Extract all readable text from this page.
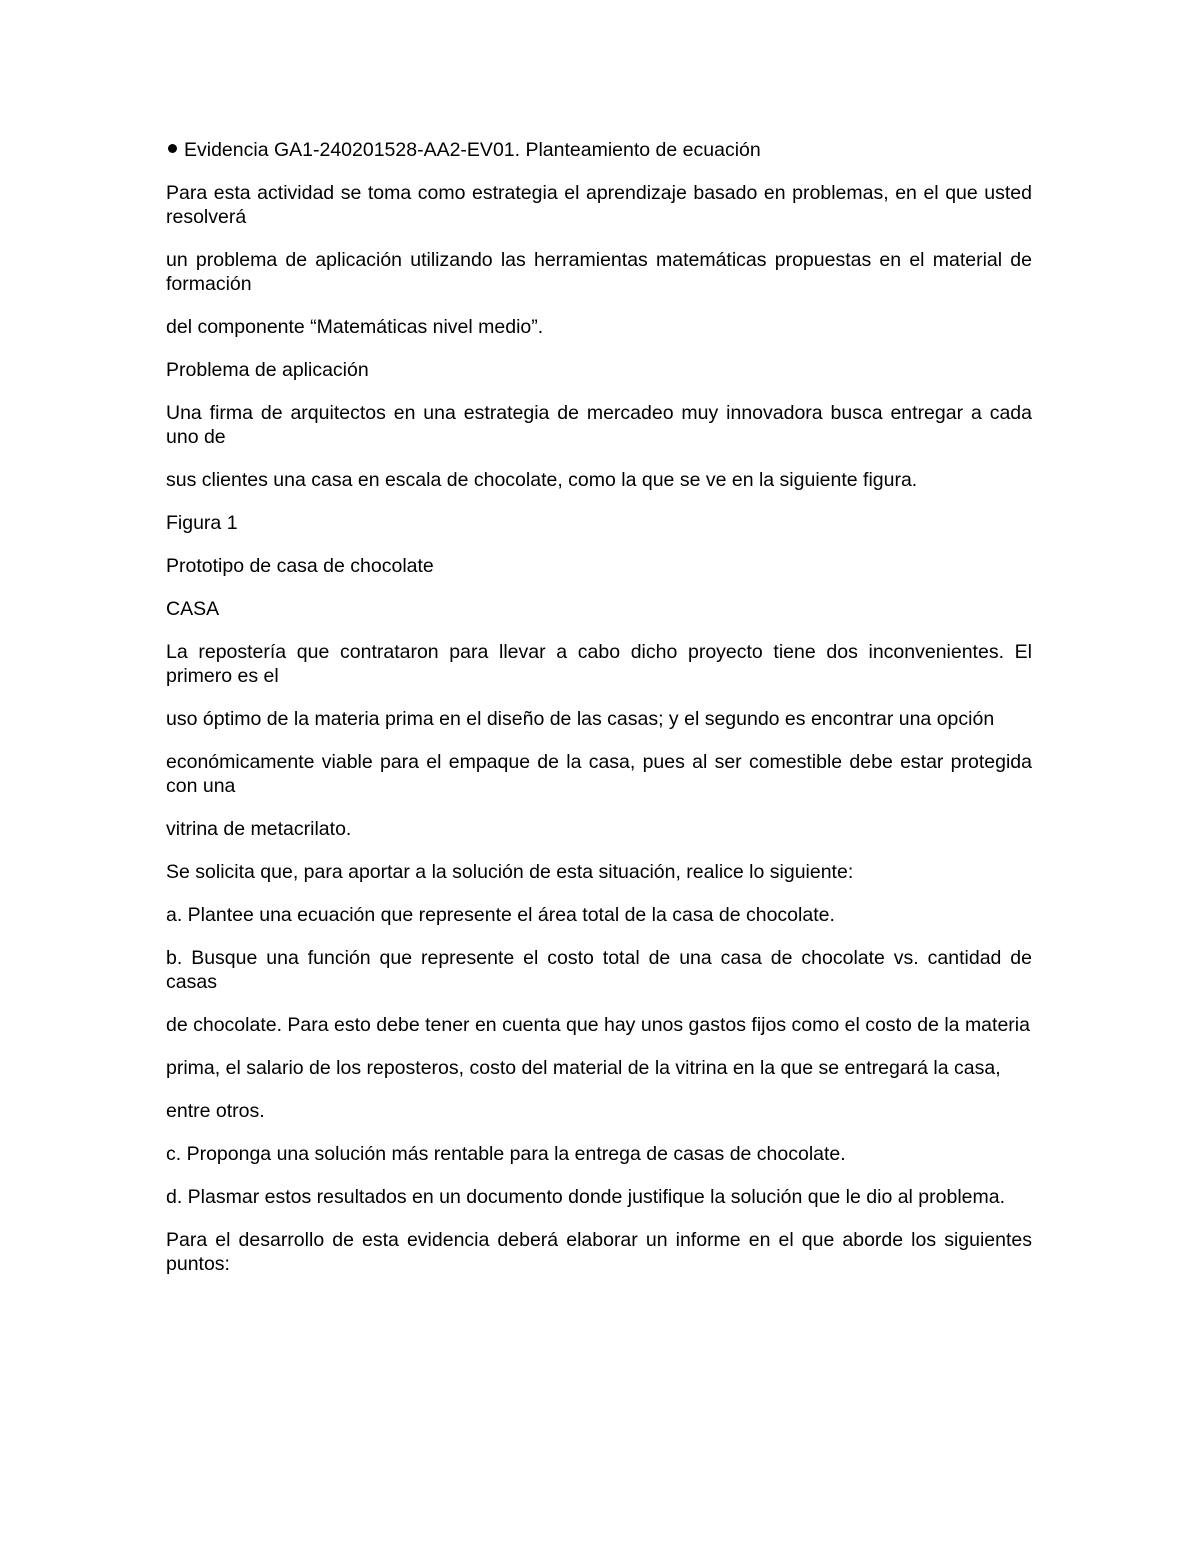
Evidencia GA1-240201528-AA2-EV01. Planteamiento de ecuación

Para esta actividad se toma como estrategia el aprendizaje basado en problemas, en el que usted resolverá

un problema de aplicación utilizando las herramientas matemáticas propuestas en el material de formación

del componente “Matemáticas nivel medio”.

Problema de aplicación

Una firma de arquitectos en una estrategia de mercadeo muy innovadora busca entregar a cada uno de

sus clientes una casa en escala de chocolate, como la que se ve en la siguiente figura.

Figura 1

Prototipo de casa de chocolate

CASA

La repostería que contrataron para llevar a cabo dicho proyecto tiene dos inconvenientes. El primero es el

uso óptimo de la materia prima en el diseño de las casas; y el segundo es encontrar una opción

económicamente viable para el empaque de la casa, pues al ser comestible debe estar protegida con una

vitrina de metacrilato.

Se solicita que, para aportar a la solución de esta situación, realice lo siguiente:

a. Plantee una ecuación que represente el área total de la casa de chocolate.

b. Busque una función que represente el costo total de una casa de chocolate vs. cantidad de casas

de chocolate. Para esto debe tener en cuenta que hay unos gastos fijos como el costo de la materia

prima, el salario de los reposteros, costo del material de la vitrina en la que se entregará la casa,

entre otros.

c. Proponga una solución más rentable para la entrega de casas de chocolate.

d. Plasmar estos resultados en un documento donde justifique la solución que le dio al problema.

Para el desarrollo de esta evidencia deberá elaborar un informe en el que aborde los siguientes puntos:
